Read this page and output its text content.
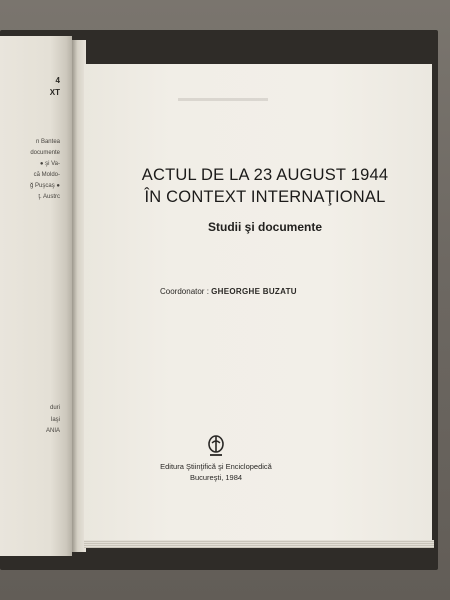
4
XT
n Bantea
documente
● şi Va-
că Moldo-
ğ Puşcaş ●
ţ. Austrc
duri
Iaşi
ANIA
ACTUL DE LA 23 AUGUST 1944
ÎN CONTEXT INTERNAŢIONAL
Studii şi documente
Coordonator : GHEORGHE BUZATU
Editura Ştiinţifică şi Enciclopedică
Bucureşti, 1984
